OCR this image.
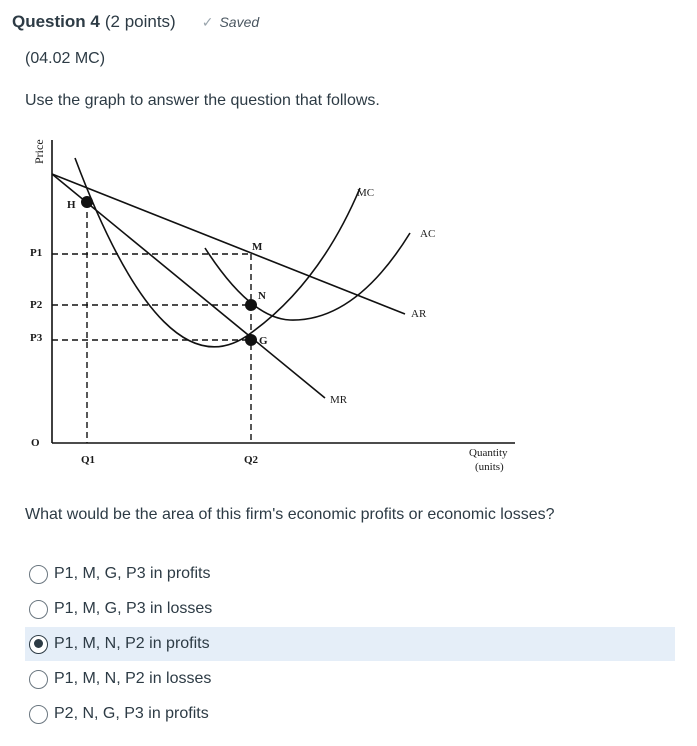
Question 4 (2 points) ✓ Saved
(04.02 MC)
Use the graph to answer the question that follows.
Price
O
P1
P2
P3
Q1	Q2
H
M
N
G
MC
AC
AR
MR
Quantity
(units)
What would be the area of this firm's economic profits or economic losses?
P1, M, G, P3 in profits
P1, M, G, P3 in losses
P1, M, N, P2 in profits
P1, M, N, P2 in losses
P2, N, G, P3 in profits
